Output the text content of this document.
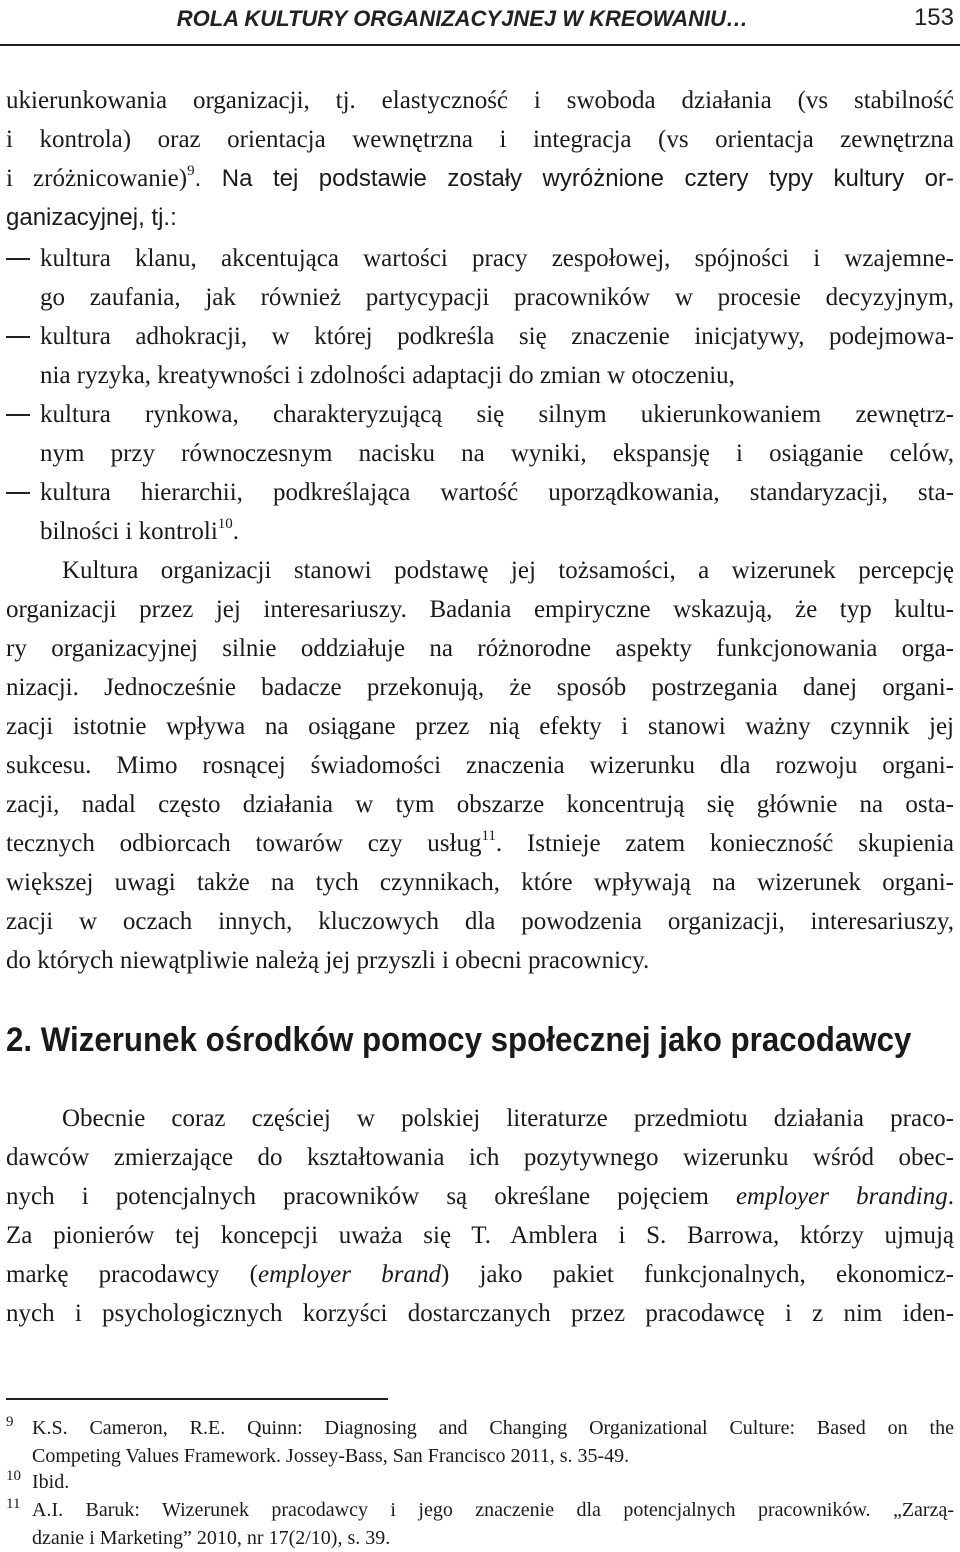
ROLA KULTURY ORGANIZACYJNEJ W KREOWANIU…	153
ukierunkowania organizacji, tj. elastyczność i swoboda działania (vs stabilność
i kontrola) oraz orientacja wewnętrzna i integracja (vs orientacja zewnętrzna
i zróżnicowanie)$^9$. Na tej podstawie zostały wyróżnione cztery typy kultury or-
ganizacyjnej, tj.:
kultura klanu, akcentująca wartości pracy zespołowej, spójności i wzajemne-
go zaufania, jak również partycypacji pracowników w procesie decyzyjnym,
kultura adhokracji, w której podkreśla się znaczenie inicjatywy, podejmowa-
nia ryzyka, kreatywności i zdolności adaptacji do zmian w otoczeniu,
kultura rynkowa, charakteryzującą się silnym ukierunkowaniem zewnętrz-
nym przy równoczesnym nacisku na wyniki, ekspansję i osiąganie celów,
kultura hierarchii, podkreślająca wartość uporządkowania, standaryzacji, sta-
bilności i kontroli$^{10}$.
Kultura organizacji stanowi podstawę jej tożsamości, a wizerunek percepcję
organizacji przez jej interesariuszy. Badania empiryczne wskazują, że typ kultu-
ry organizacyjnej silnie oddziałuje na różnorodne aspekty funkcjonowania orga-
nizacji. Jednocześnie badacze przekonują, że sposób postrzegania danej organi-
zacji istotnie wpływa na osiągane przez nią efekty i stanowi ważny czynnik jej
sukcesu. Mimo rosnącej świadomości znaczenia wizerunku dla rozwoju organi-
zacji, nadal często działania w tym obszarze koncentrują się głównie na osta-
tecznych odbiorcach towarów czy usług$^{11}$. Istnieje zatem konieczność skupienia
większej uwagi także na tych czynnikach, które wpływają na wizerunek organi-
zacji w oczach innych, kluczowych dla powodzenia organizacji, interesariuszy,
do których niewątpliwie należą jej przyszli i obecni pracownicy.
2. Wizerunek ośrodków pomocy społecznej jako pracodawcy
Obecnie coraz częściej w polskiej literaturze przedmiotu działania praco-
dawców zmierzające do kształtowania ich pozytywnego wizerunku wśród obec-
nych i potencjalnych pracowników są określane pojęciem employer branding.
Za pionierów tej koncepcji uważa się T. Amblera i S. Barrowa, którzy ujmują
markę pracodawcy (employer brand) jako pakiet funkcjonalnych, ekonomicz-
nych i psychologicznych korzyści dostarczanych przez pracodawcę i z nim iden-
9 K.S. Cameron, R.E. Quinn: Diagnosing and Changing Organizational Culture: Based on the
Competing Values Framework. Jossey-Bass, San Francisco 2011, s. 35-49.
10 Ibid.
11 A.I. Baruk: Wizerunek pracodawcy i jego znaczenie dla potencjalnych pracowników. „Zarzą-
dzanie i Marketing” 2010, nr 17(2/10), s. 39.
